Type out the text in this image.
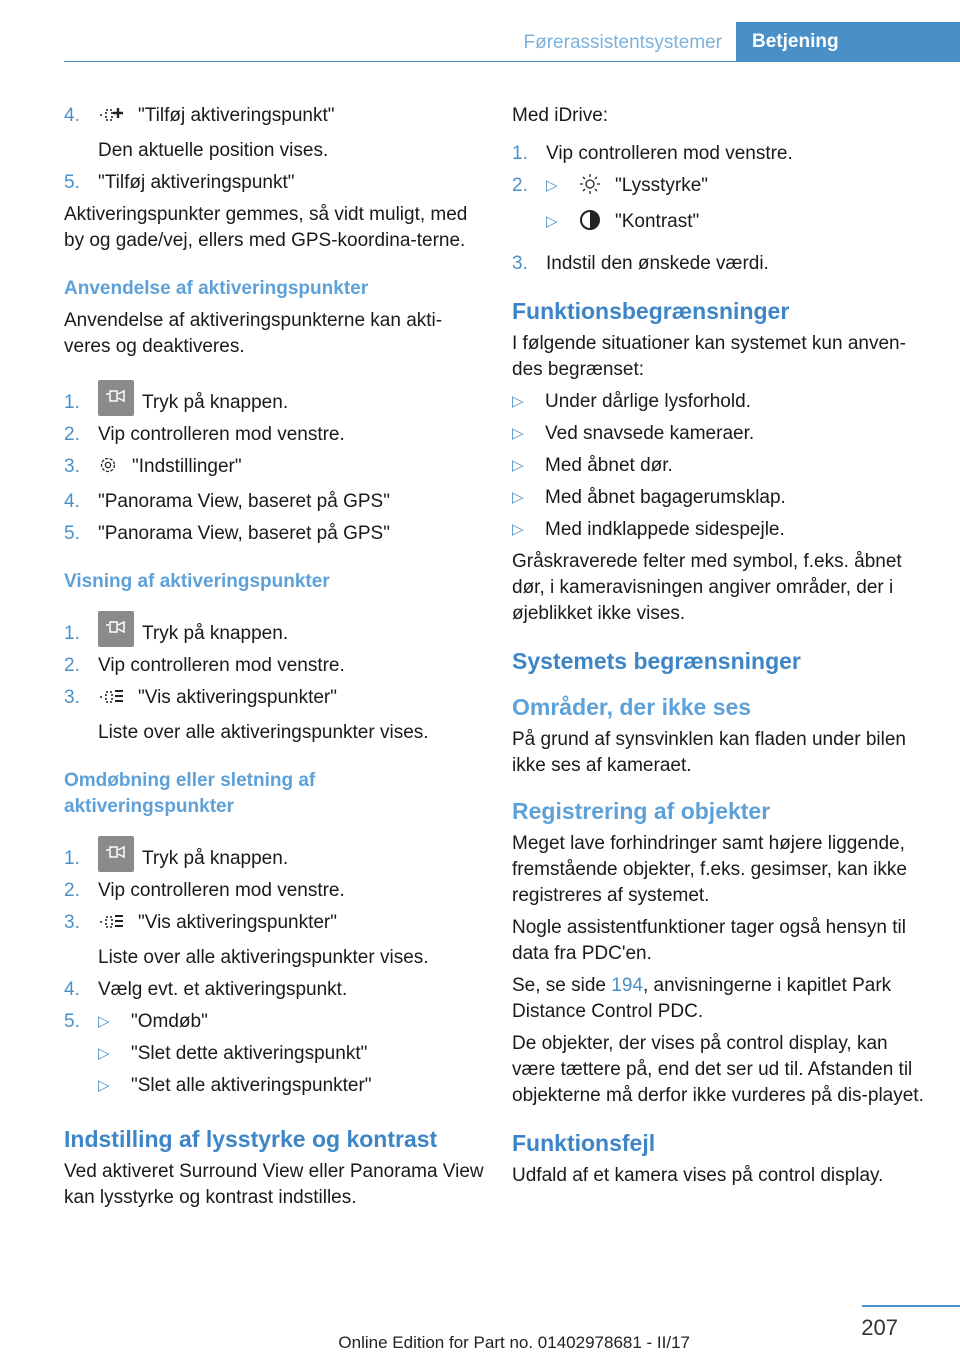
Førerassistentsystemer	Betjening
4.	"Tilføj aktiveringspunkt"
Den aktuelle position vises.
5. "Tilføj aktiveringspunkt"

Aktiveringspunkter gemmes, så vidt muligt, med by og gade/vej, ellers med GPS-koordina-terne.

Anvendelse af aktiveringspunkter

Anvendelse af aktiveringspunkterne kan akti-veres og deaktiveres.

1.	Tryk på knappen.
2. Vip controlleren mod venstre.
3.	"Indstillinger"
4. "Panorama View, baseret på GPS"
5. "Panorama View, baseret på GPS"
Visning af aktiveringspunkter
1.	Tryk på knappen.
2. Vip controlleren mod venstre.
3.	"Vis aktiveringspunkter"
Liste over alle aktiveringspunkter vises.
Omdøbning eller sletning af aktiveringspunkter
1.	Tryk på knappen.
2. Vip controlleren mod venstre.
3.	"Vis aktiveringspunkter"
Liste over alle aktiveringspunkter vises.
4. Vælg evt. et aktiveringspunkt.
5.	▷	"Omdøb"
▷	"Slet dette aktiveringspunkt"
▷	"Slet alle aktiveringspunkter"
Indstilling af lysstyrke og kontrast

Ved aktiveret Surround View eller Panorama View kan lysstyrke og kontrast indstilles.

Med iDrive:

1. Vip controlleren mod venstre.
2.	▷	"Lysstyrke"
▷	"Kontrast"
3. Indstil den ønskede værdi.
Funktionsbegrænsninger

I følgende situationer kan systemet kun anven-des begrænset:

▷	Under dårlige lysforhold.
▷	Ved snavsede kameraer.
▷	Med åbnet dør.
▷	Med åbnet bagagerumsklap.
▷	Med indklappede sidespejle.

Gråskraverede felter med symbol, f.eks. åbnet dør, i kameravisningen angiver områder, der i øjeblikket ikke vises.

Systemets begrænsninger
Områder, der ikke ses

På grund af synsvinklen kan fladen under bilen ikke ses af kameraet.

Registrering af objekter

Meget lave forhindringer samt højere liggende, fremstående objekter, f.eks. gesimser, kan ikke registreres af systemet.

Nogle assistentfunktioner tager også hensyn til data fra PDC'en.

Se, se side 194, anvisningerne i kapitlet Park Distance Control PDC.

De objekter, der vises på control display, kan være tættere på, end det ser ud til. Afstanden til objekterne må derfor ikke vurderes på dis-playet.

Funktionsfejl

Udfald af et kamera vises på control display.

207
Online Edition for Part no. 01402978681 - II/17
